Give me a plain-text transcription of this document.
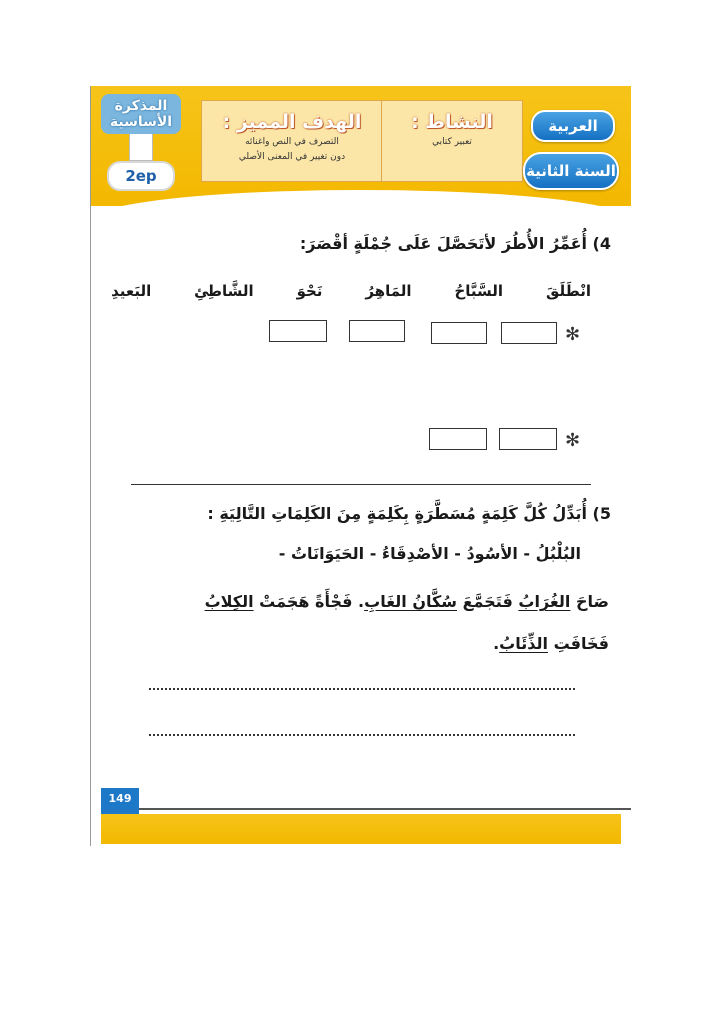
المذكرة الأساسية
2ep
الهدف المميز :
التصرف في النص واغنائه
دون تغيير في المعنى الأصلي
النشاط :
تعبير كتابي
العربية
السنة الثانية
4) أُعَمِّرُ الأُطُرَ لأتَحَصَّلَ عَلَى جُمْلَةٍ أقْصَرَ:
انْطَلَقَ
السَّبَّاحُ
المَاهِرُ
نَحْوَ
الشَّاطِئِ
البَعيدِ
✻
✻
5) أُبَدِّلُ كُلَّ كَلِمَةٍ مُسَطَّرَةٍ بِكَلِمَةٍ مِنَ الكَلِمَاتِ التَّالِيَةِ :
البُلْبُلُ - الأسُودُ - الأصْدِقَاءُ - الحَيَوَانَاتُ -
صَاحَ الغُرَابُ فَتَجَمَّعَ سُكَّانُ الغَابِ. فَجْأَةً هَجَمَتْ الكِلابُ
فَخَافَتِ الذِّئَابُ.
149
